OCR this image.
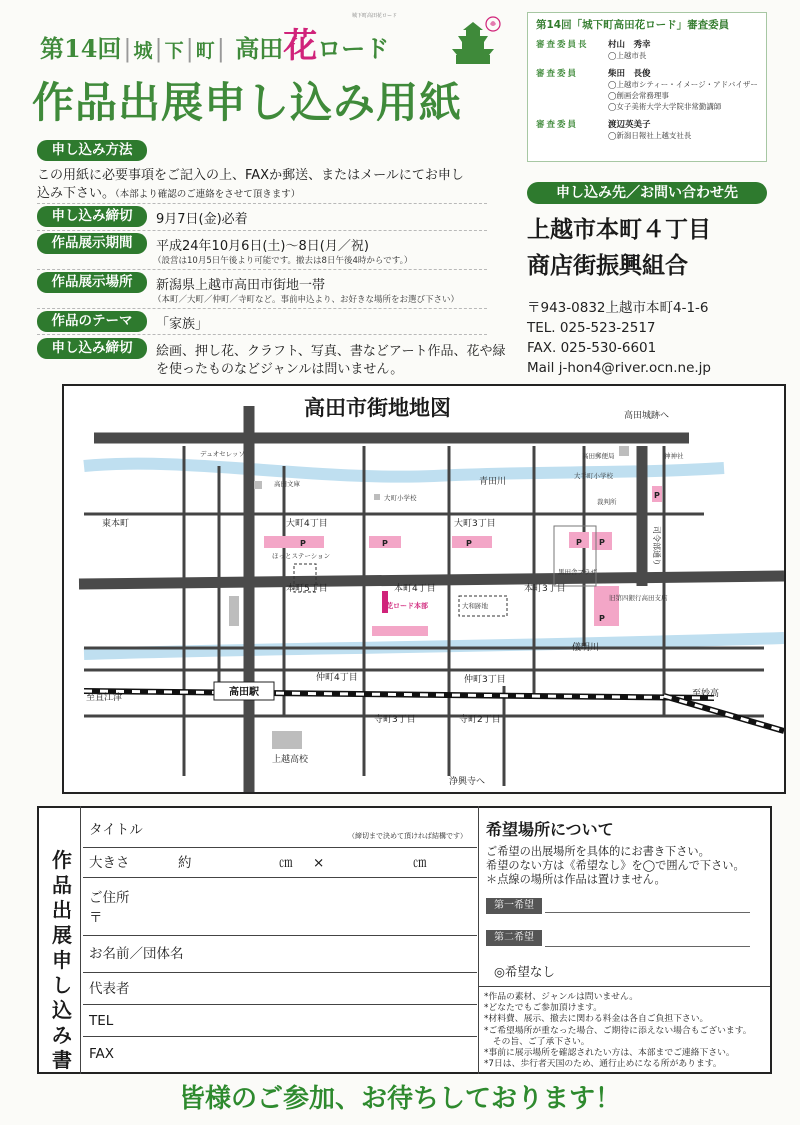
第14回| 城| 下| 町| 高田花ロード
城下町高田花ロード
作品出展申し込み用紙
第14回「城下町高田花ロード」審査委員
審査委員長	村山　秀幸
◯上越市長
審査委員	柴田　長俊
◯上越市シティー・イメージ・アドバイザー
◯創画会常務理事
◯女子美術大学大学院非常勤講師
審査委員	渡辺英美子
◯新潟日報社上越支社長
申し込み方法
この用紙に必要事項をご記入の上、FAXか郵送、またはメールにてお申し
込み下さい。（本部より確認のご連絡をさせて頂きます）
申し込み締切	9月7日(金)必着
作品展示期間	平成24年10月6日(土)～8日(月／祝)
（設営は10月5日午後より可能です。撤去は8日午後4時からです。）
作品展示場所	新潟県上越市高田市街地一帯
（本町／大町／仲町／寺町など。事前申込より、お好きな場所をお選び下さい）
作品のテーマ	「家族」
申し込み締切	絵画、押し花、クラフト、写真、書などアート作品、花や緑
を使ったものなどジャンルは問いません。
申し込み先／お問い合わせ先
上越市本町４丁目
商店街振興組合
〒943-0832上越市本町4-1-6
TEL. 025-523-2517
FAX. 025-530-6601
Mail j-hon4@river.ocn.ne.jp
高田城跡へ
青田川
東本町	大町4丁目	大町3丁目
本町5丁目	本町4丁目	本町3丁目
儀明川
仲町4丁目	仲町3丁目
至直江津	至妙高
寺町3丁目	寺町2丁目
上越高校
浄興寺へ
高田郵便局
大手町小学校
裁判所
大町小学校
黒田舎プラザ
旧第四銀行高田支店
ほっとステーション
大和跡地
デュオセレッソ	神神社
高田文庫
花ロード本部
高田駅
司令部通り
P	P	P	P P
P
P
高田市街地地図
作品出展申し込み書
タイトル	（締切まで決めて頂ければ結構です）
大きさ	約	㎝ ×	㎝
ご住所
〒
お名前／団体名
代表者
TEL
FAX
希望場所について
ご希望の出展場所を具体的にお書き下さい。
希望のない方は《希望なし》を◯で囲んで下さい。
＊点線の場所は作品は置けません。
第一希望
第二希望
◎希望なし
*作品の素材、ジャンルは問いません。
*どなたでもご参加頂けます。
*材料費、展示、撤去に関わる料金は各自ご負担下さい。
*ご希望場所が重なった場合、ご期待に添えない場合もございます。
　その旨、ご了承下さい。
*事前に展示場所を確認されたい方は、本部までご連絡下さい。
*7日は、歩行者天国のため、通行止めになる所があります。
皆様のご参加、お待ちしております！
